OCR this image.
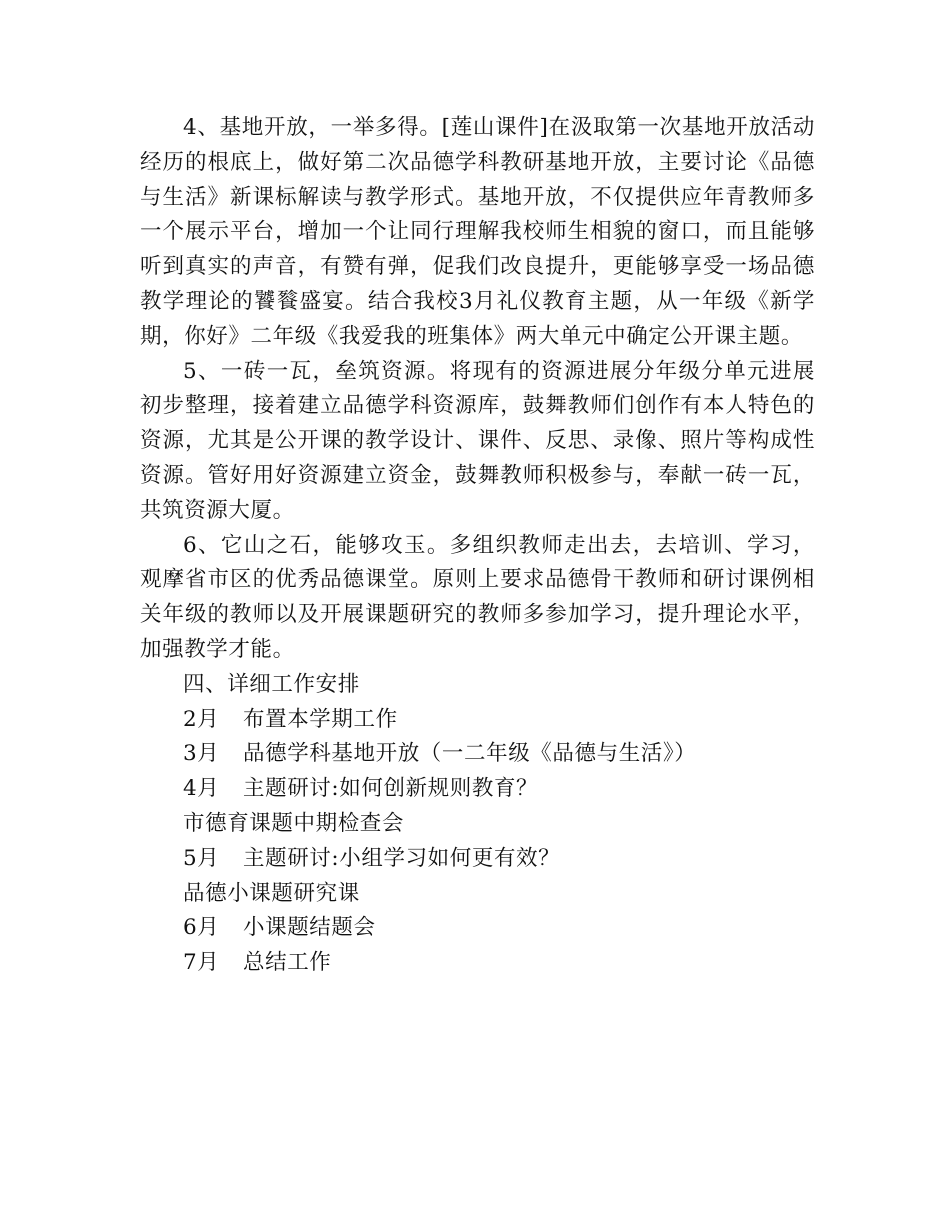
4、基地开放，一举多得。[莲山课件]在汲取第一次基地开放活动经历的根底上，做好第二次品德学科教研基地开放，主要讨论《品德与生活》新课标解读与教学形式。基地开放，不仅提供应年青教师多一个展示平台，增加一个让同行理解我校师生相貌的窗口，而且能够听到真实的声音，有赞有弹，促我们改良提升，更能够享受一场品德教学理论的饕餮盛宴。结合我校3月礼仪教育主题，从一年级《新学期，你好》二年级《我爱我的班集体》两大单元中确定公开课主题。

5、一砖一瓦，垒筑资源。将现有的资源进展分年级分单元进展初步整理，接着建立品德学科资源库，鼓舞教师们创作有本人特色的资源，尤其是公开课的教学设计、课件、反思、录像、照片等构成性资源。管好用好资源建立资金，鼓舞教师积极参与，奉献一砖一瓦，共筑资源大厦。

6、它山之石，能够攻玉。多组织教师走出去，去培训、学习，观摩省市区的优秀品德课堂。原则上要求品德骨干教师和研讨课例相关年级的教师以及开展课题研究的教师多参加学习，提升理论水平，加强教学才能。

四、详细工作安排

2月 布置本学期工作

3月 品德学科基地开放（一二年级《品德与生活》）

4月 主题研讨:如何创新规则教育？

市德育课题中期检查会

5月 主题研讨:小组学习如何更有效？

品德小课题研究课

6月 小课题结题会

7月 总结工作
